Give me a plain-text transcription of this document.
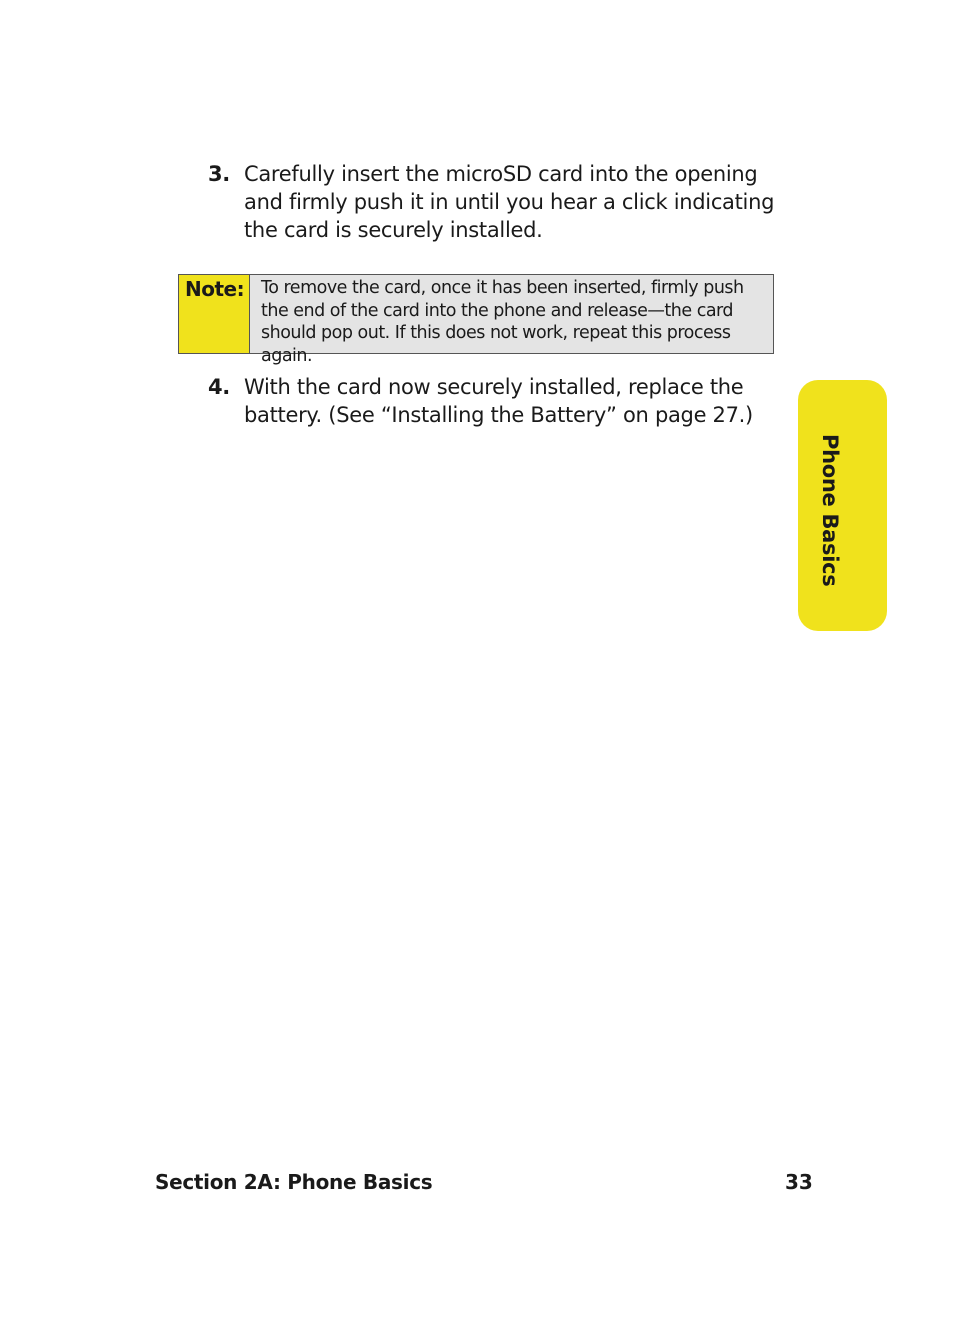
3. Carefully insert the microSD card into the opening and firmly push it in until you hear a click indicating the card is securely installed.
Note: To remove the card, once it has been inserted, firmly push the end of the card into the phone and release—the card should pop out. If this does not work, repeat this process again.
4. With the card now securely installed, replace the battery. (See “Installing the Battery” on page 27.)
Phone Basics
Section 2A: Phone Basics	33
